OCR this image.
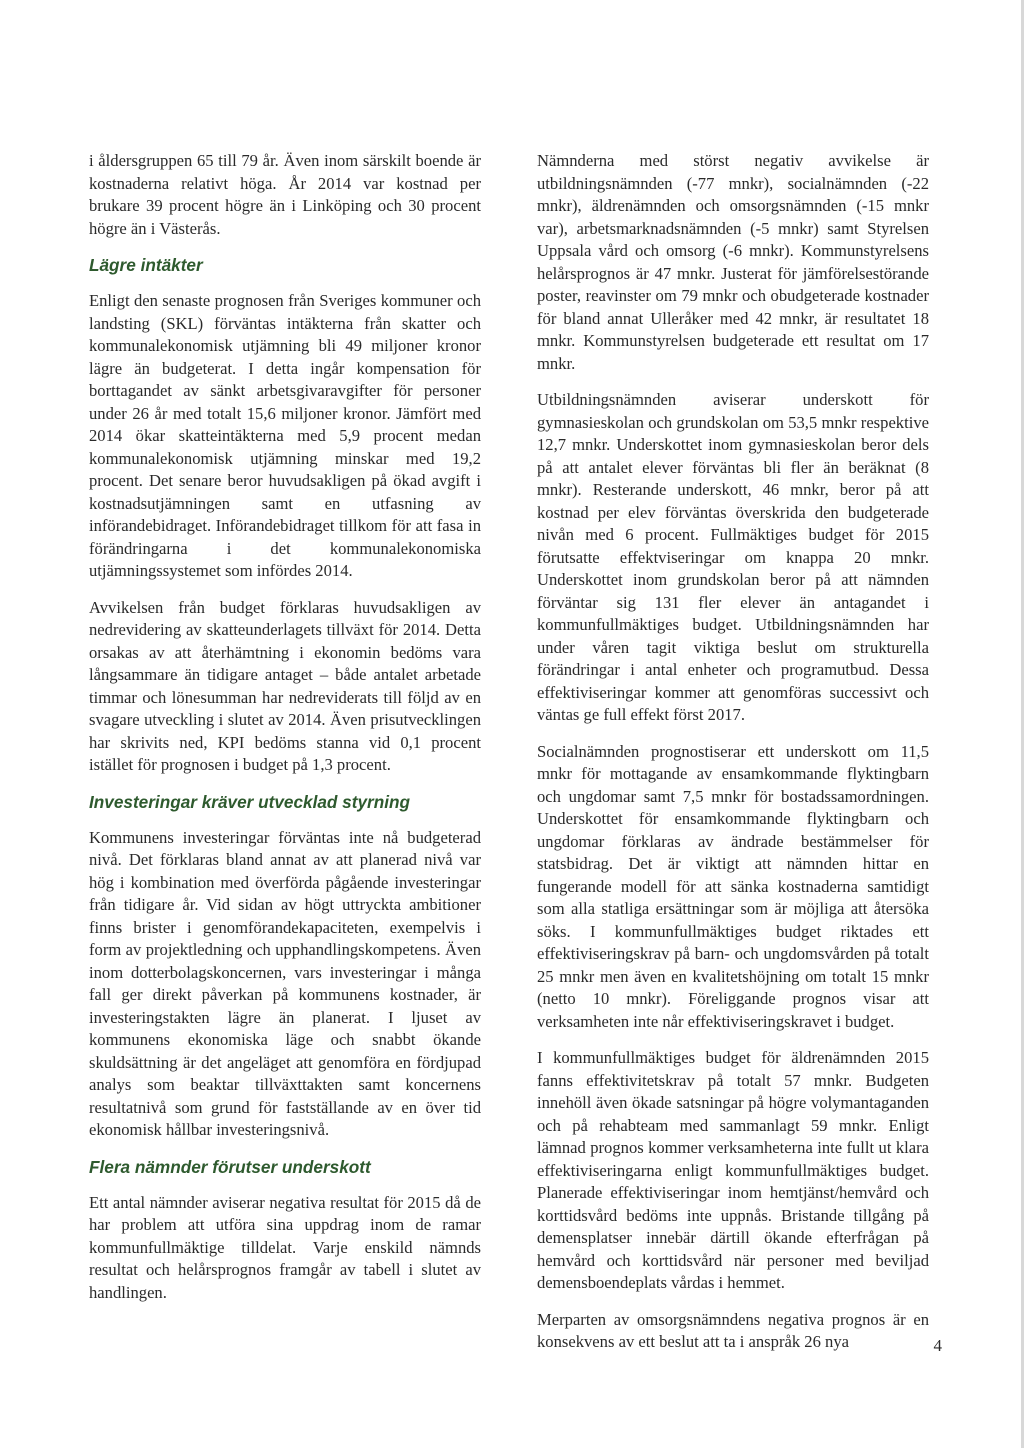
i åldersgruppen 65 till 79 år. Även inom särskilt boende är kostnaderna relativt höga. År 2014 var kostnad per brukare 39 procent högre än i Linköping och 30 procent högre än i Västerås.

Lägre intäkter

Enligt den senaste prognosen från Sveriges kommuner och landsting (SKL) förväntas intäkterna från skatter och kommunalekonomisk utjämning bli 49 miljoner kronor lägre än budgeterat. I detta ingår kompensation för borttagandet av sänkt arbetsgivaravgifter för personer under 26 år med totalt 15,6 miljoner kronor. Jämfört med 2014 ökar skatteintäkterna med 5,9 procent medan kommunalekonomisk utjämning minskar med 19,2 procent. Det senare beror huvudsakligen på ökad avgift i kostnadsutjämningen samt en utfasning av införandebidraget. Införandebidraget tillkom för att fasa in förändringarna i det kommunalekonomiska utjämningssystemet som infördes 2014.

Avvikelsen från budget förklaras huvudsakligen av nedrevidering av skatteunderlagets tillväxt för 2014. Detta orsakas av att återhämtning i ekonomin bedöms vara långsammare än tidigare antaget – både antalet arbetade timmar och lönesumman har nedreviderats till följd av en svagare utveckling i slutet av 2014. Även prisutvecklingen har skrivits ned, KPI bedöms stanna vid 0,1 procent istället för prognosen i budget på 1,3 procent.

Investeringar kräver utvecklad styrning

Kommunens investeringar förväntas inte nå budgeterad nivå. Det förklaras bland annat av att planerad nivå var hög i kombination med överförda pågående investeringar från tidigare år. Vid sidan av högt uttryckta ambitioner finns brister i genomförandekapaciteten, exempelvis i form av projektledning och upphandlingskompetens. Även inom dotterbolagskoncernen, vars investeringar i många fall ger direkt påverkan på kommunens kostnader, är investeringstakten lägre än planerat. I ljuset av kommunens ekonomiska läge och snabbt ökande skuldsättning är det angeläget att genomföra en fördjupad analys som beaktar tillväxttakten samt koncernens resultatnivå som grund för fastställande av en över tid ekonomisk hållbar investeringsnivå.

Flera nämnder förutser underskott

Ett antal nämnder aviserar negativa resultat för 2015 då de har problem att utföra sina uppdrag inom de ramar kommunfullmäktige tilldelat. Varje enskild nämnds resultat och helårsprognos framgår av tabell i slutet av handlingen.

Nämnderna med störst negativ avvikelse är utbildningsnämnden (-77 mnkr), socialnämnden (-22 mnkr), äldrenämnden och omsorgsnämnden (-15 mnkr var), arbetsmarknadsnämnden (-5 mnkr) samt Styrelsen Uppsala vård och omsorg (-6 mnkr). Kommunstyrelsens helårsprognos är 47 mnkr. Justerat för jämförelsestörande poster, reavinster om 79 mnkr och obudgeterade kostnader för bland annat Ulleråker med 42 mnkr, är resultatet 18 mnkr. Kommunstyrelsen budgeterade ett resultat om 17 mnkr.

Utbildningsnämnden aviserar underskott för gymnasieskolan och grundskolan om 53,5 mnkr respektive 12,7 mnkr. Underskottet inom gymnasieskolan beror dels på att antalet elever förväntas bli fler än beräknat (8 mnkr). Resterande underskott, 46 mnkr, beror på att kostnad per elev förväntas överskrida den budgeterade nivån med 6 procent. Fullmäktiges budget för 2015 förutsatte effektviseringar om knappa 20 mnkr. Underskottet inom grundskolan beror på att nämnden förväntar sig 131 fler elever än antagandet i kommunfullmäktiges budget. Utbildningsnämnden har under våren tagit viktiga beslut om strukturella förändringar i antal enheter och programutbud. Dessa effektiviseringar kommer att genomföras successivt och väntas ge full effekt först 2017.

Socialnämnden prognostiserar ett underskott om 11,5 mnkr för mottagande av ensamkommande flyktingbarn och ungdomar samt 7,5 mnkr för bostadssamordningen. Underskottet för ensamkommande flyktingbarn och ungdomar förklaras av ändrade bestämmelser för statsbidrag. Det är viktigt att nämnden hittar en fungerande modell för att sänka kostnaderna samtidigt som alla statliga ersättningar som är möjliga att återsöka söks. I kommunfullmäktiges budget riktades ett effektiviseringskrav på barn- och ungdomsvården på totalt 25 mnkr men även en kvalitetshöjning om totalt 15 mnkr (netto 10 mnkr). Föreliggande prognos visar att verksamheten inte når effektiviseringskravet i budget.

I kommunfullmäktiges budget för äldrenämnden 2015 fanns effektivitetskrav på totalt 57 mnkr. Budgeten innehöll även ökade satsningar på högre volymantaganden och på rehabteam med sammanlagt 59 mnkr. Enligt lämnad prognos kommer verksamheterna inte fullt ut klara effektiviseringarna enligt kommunfullmäktiges budget. Planerade effektiviseringar inom hemtjänst/hemvård och korttidsvård bedöms inte uppnås. Bristande tillgång på demensplatser innebär därtill ökande efterfrågan på hemvård och korttidsvård när personer med beviljad demensboendeplats vårdas i hemmet.

Merparten av omsorgsnämndens negativa prognos är en konsekvens av ett beslut att ta i anspråk 26 nya	4
